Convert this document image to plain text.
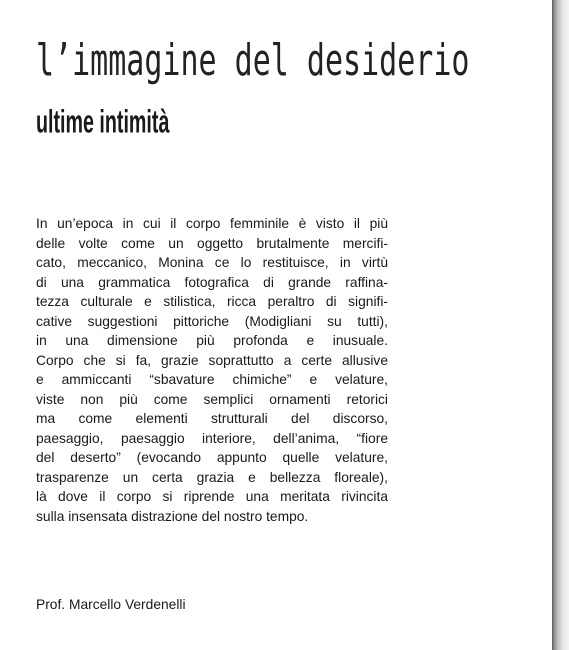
l’immagine del desiderio
ultime intimità
In un’epoca in cui il corpo femminile è visto il più
delle volte come un oggetto brutalmente mercifi-
cato, meccanico, Monina ce lo restituisce, in virtù
di una grammatica fotografica di grande raffina-
tezza culturale e stilistica, ricca peraltro di signifi-
cative suggestioni pittoriche (Modigliani su tutti),
in una dimensione più profonda e inusuale.
Corpo che si fa, grazie soprattutto a certe allusive
e ammiccanti “sbavature chimiche” e velature,
viste non più come semplici ornamenti retorici
ma come elementi strutturali del discorso,
paesaggio, paesaggio interiore, dell’anima, “fiore
del deserto” (evocando appunto quelle velature,
trasparenze un certa grazia e bellezza floreale),
là dove il corpo si riprende una meritata rivincita
sulla insensata distrazione del nostro tempo.

Prof. Marcello Verdenelli
